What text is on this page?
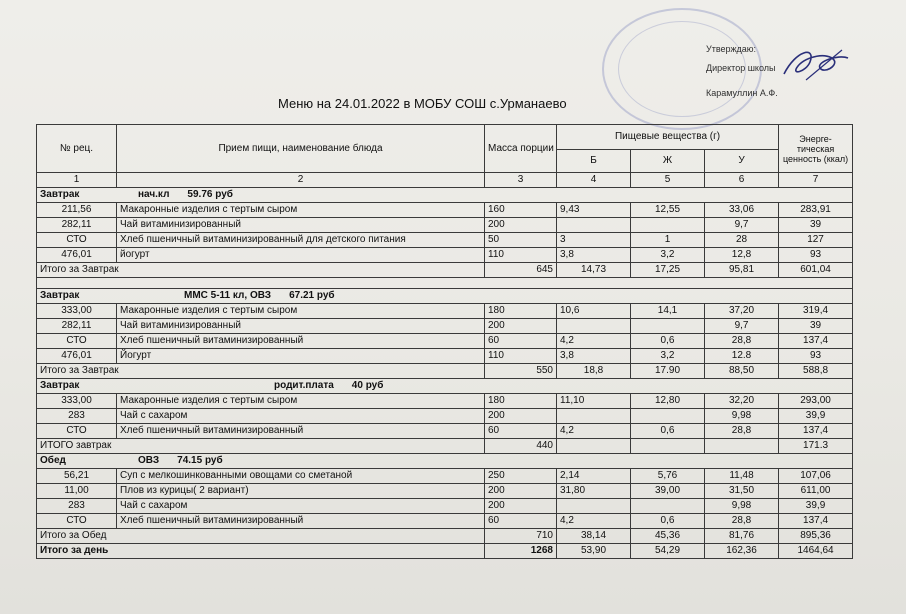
Утверждаю:
Директор школы
Карамуллин А.Ф.
Меню на 24.01.2022 в МОБУ СОШ с.Урманаево
№ рец.	Прием пищи, наименование блюда	Масса порции	Пищевые вещества (г)			Энерге-тическая ценность (ккал)
			Б	Ж	У	
1	2	3	4	5	6	7
Завтрак нач.кл 59.76 руб						
211,56	Макаронные изделия с тертым сыром	160	9,43	12,55	33,06	283,91
282,11	Чай витаминизированный	200			9,7	39
СТО	Хлеб пшеничный витаминизированный для детского питания	50	3	1	28	127
476,01	йогурт	110	3,8	3,2	12,8	93
Итого за Завтрак		645	14,73	17,25	95,81	601,04

Завтрак ММС 5-11 кл, ОВЗ 67.21 руб						
333,00	Макаронные изделия с тертым сыром	180	10,6	14,1	37,20	319,4
282,11	Чай витаминизированный	200			9,7	39
СТО	Хлеб пшеничный витаминизированный	60	4,2	0,6	28,8	137,4
476,01	Йогурт	110	3,8	3,2	12.8	93
Итого за Завтрак		550	18,8	17.90	88,50	588,8
Завтрак родит.плата 40 руб						
333,00	Макаронные изделия с тертым сыром	180	11,10	12,80	32,20	293,00
283	Чай с сахаром	200			9,98	39,9
СТО	Хлеб пшеничный витаминизированный	60	4,2	0,6	28,8	137,4
ИТОГО завтрак		440				171.3
Обед ОВЗ 74.15 руб						
56,21	Суп с мелкошинкованными овощами со сметаной	250	2,14	5,76	11,48	107,06
11,00	Плов из курицы( 2 вариант)	200	31,80	39,00	31,50	611,00
283	Чай с сахаром	200			9,98	39,9
СТО	Хлеб пшеничный витаминизированный	60	4,2	0,6	28,8	137,4
Итого за Обед		710	38,14	45,36	81,76	895,36
Итого за день		1268	53,90	54,29	162,36	1464,64
